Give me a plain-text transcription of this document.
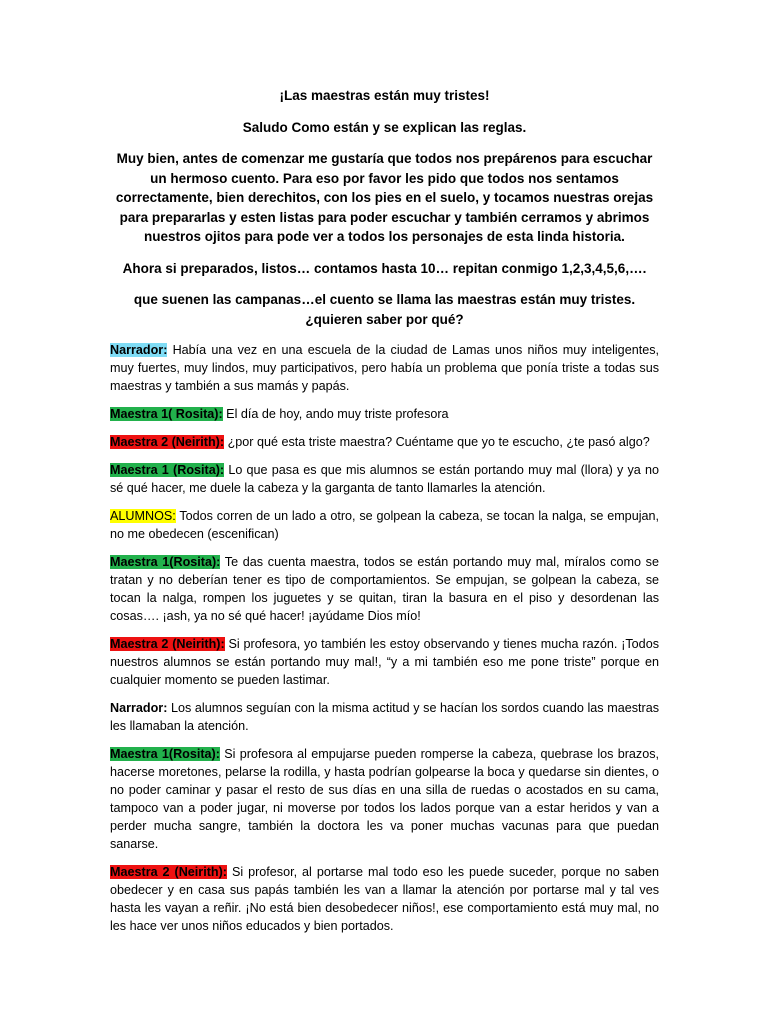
¡Las maestras están muy tristes!

Saludo Como están y se explican las reglas.

Muy bien, antes de comenzar me gustaría que todos nos prepárenos para escuchar un hermoso cuento. Para eso por favor les pido que todos nos sentamos correctamente, bien derechitos, con los pies en el suelo, y tocamos nuestras orejas para prepararlas y esten listas para poder escuchar y también cerramos y abrimos nuestros ojitos para pode ver a todos los personajes de esta linda historia.

Ahora si preparados, listos… contamos hasta 10… repitan conmigo 1,2,3,4,5,6,….

que suenen las campanas…el cuento se llama las maestras están muy tristes.
¿quieren saber por qué?

Narrador: Había una vez en una escuela de la ciudad de Lamas unos niños muy inteligentes, muy fuertes, muy lindos, muy participativos, pero había un problema que ponía triste a todas sus maestras y también a sus mamás y papás.

Maestra 1( Rosita): El día de hoy, ando muy triste profesora

Maestra 2 (Neirith): ¿por qué esta triste maestra? Cuéntame que yo te escucho, ¿te pasó algo?

Maestra 1 (Rosita): Lo que pasa es que mis alumnos se están portando muy mal (llora) y ya no sé qué hacer, me duele la cabeza y la garganta de tanto llamarles la atención.

ALUMNOS: Todos corren de un lado a otro, se golpean la cabeza, se tocan la nalga, se empujan, no me obedecen (escenifican)

Maestra 1(Rosita): Te das cuenta maestra, todos se están portando muy mal, míralos como se tratan y no deberían tener es tipo de comportamientos. Se empujan, se golpean la cabeza, se tocan la nalga, rompen los juguetes y se quitan, tiran la basura en el piso y desordenan las cosas…. ¡ash, ya no sé qué hacer! ¡ayúdame Dios mío!

Maestra 2 (Neirith): Si profesora, yo también les estoy observando y tienes mucha razón. ¡Todos nuestros alumnos se están portando muy mal!, “y a mi también eso me pone triste” porque en cualquier momento se pueden lastimar.

Narrador: Los alumnos seguían con la misma actitud y se hacían los sordos cuando las maestras les llamaban la atención.

Maestra 1(Rosita): Si profesora al empujarse pueden romperse la cabeza, quebrase los brazos, hacerse moretones, pelarse la rodilla, y hasta podrían golpearse la boca y quedarse sin dientes, o no poder caminar y pasar el resto de sus días en una silla de ruedas o acostados en su cama, tampoco van a poder jugar, ni moverse por todos los lados porque van a estar heridos y van a perder mucha sangre, también la doctora les va poner muchas vacunas para que puedan sanarse.

Maestra 2 (Neirith): Si profesor, al portarse mal todo eso les puede suceder, porque no saben obedecer y en casa sus papás también les van a llamar la atención por portarse mal y tal ves hasta les vayan a reñir. ¡No está bien desobedecer niños!, ese comportamiento está muy mal, no les hace ver unos niños educados y bien portados.
